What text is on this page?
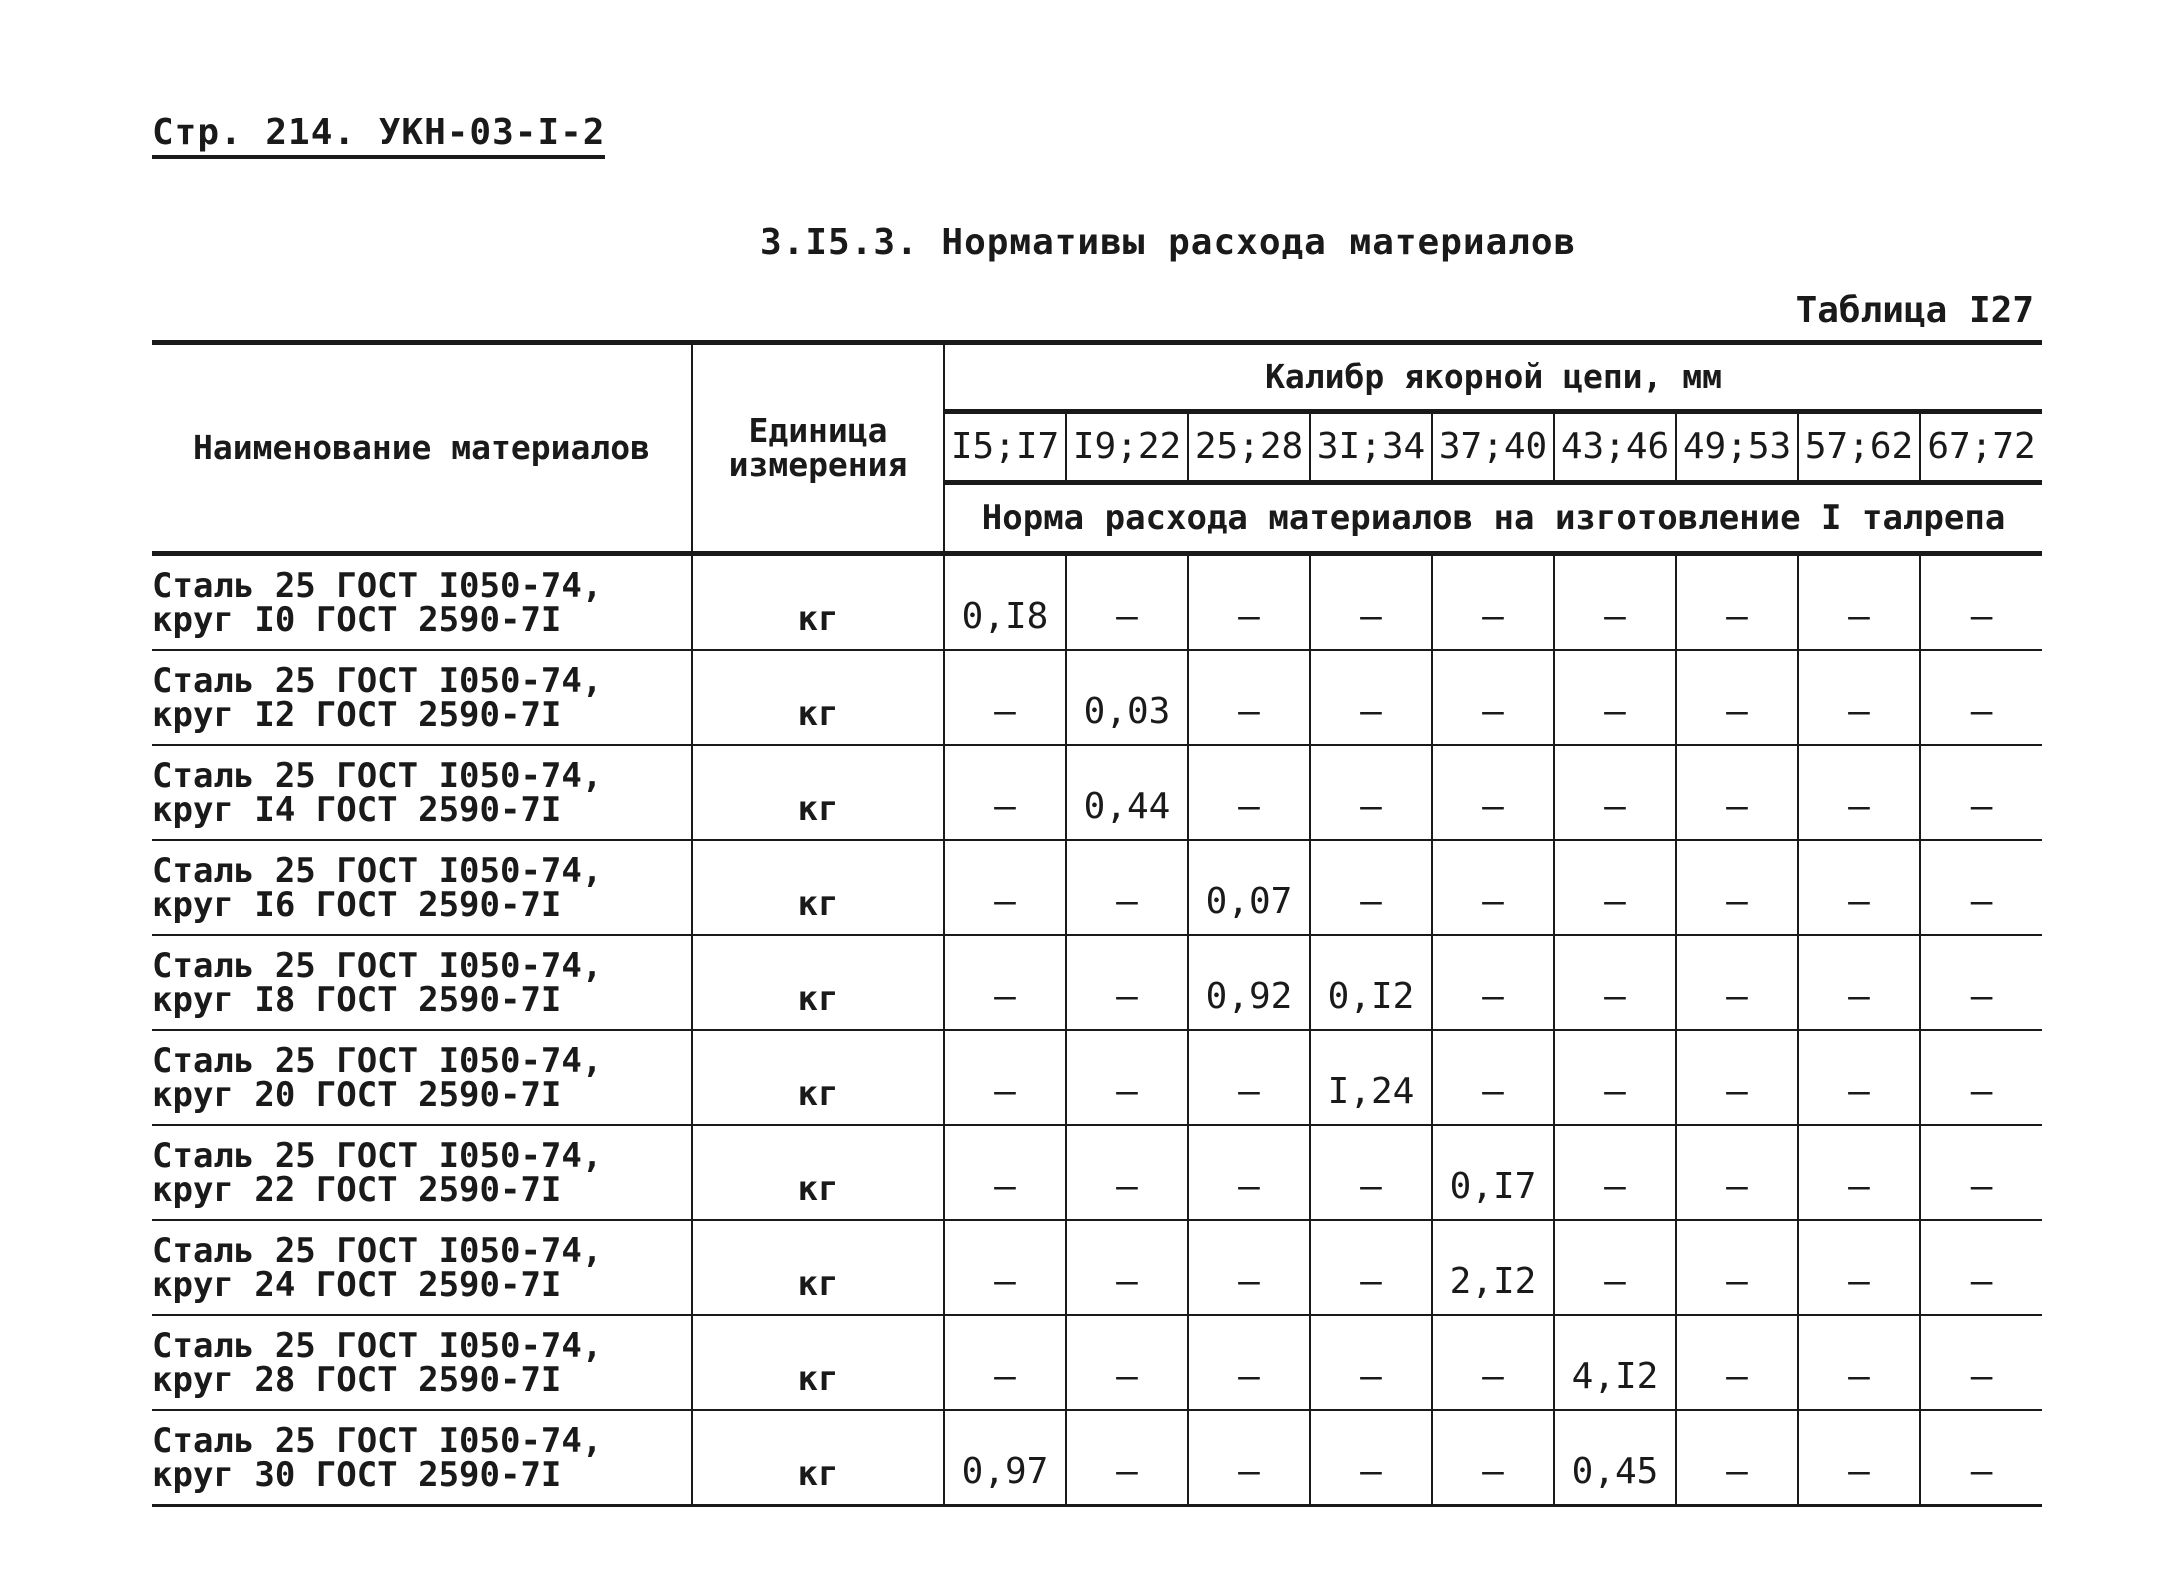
Стр. 214. УКН-03-I-2
3.I5.3. Нормативы расхода материалов
Таблица I27
Наименование материалов	Единица измерения	Калибр якорной цепи, мм								
		I5;I7	I9;22	25;28	3I;34	37;40	43;46	49;53	57;62	67;72
		Норма расхода материалов на изготовление I талрепа								

Сталь 25 ГОСТ I050-74,
круг I0 ГОСТ 2590-7I	кг	0,I8	–	–	–	–	–	–	–	–

Сталь 25 ГОСТ I050-74,
круг I2 ГОСТ 2590-7I	кг	–	0,03	–	–	–	–	–	–	–

Сталь 25 ГОСТ I050-74,
круг I4 ГОСТ 2590-7I	кг	–	0,44	–	–	–	–	–	–	–

Сталь 25 ГОСТ I050-74,
круг I6 ГОСТ 2590-7I	кг	–	–	0,07	–	–	–	–	–	–

Сталь 25 ГОСТ I050-74,
круг I8 ГОСТ 2590-7I	кг	–	–	0,92	0,I2	–	–	–	–	–

Сталь 25 ГОСТ I050-74,
круг 20 ГОСТ 2590-7I	кг	–	–	–	I,24	–	–	–	–	–

Сталь 25 ГОСТ I050-74,
круг 22 ГОСТ 2590-7I	кг	–	–	–	–	0,I7	–	–	–	–

Сталь 25 ГОСТ I050-74,
круг 24 ГОСТ 2590-7I	кг	–	–	–	–	2,I2	–	–	–	–

Сталь 25 ГОСТ I050-74,
круг 28 ГОСТ 2590-7I	кг	–	–	–	–	–	4,I2	–	–	–

Сталь 25 ГОСТ I050-74,
круг 30 ГОСТ 2590-7I	кг	0,97	–	–	–	–	0,45	–	–	–
